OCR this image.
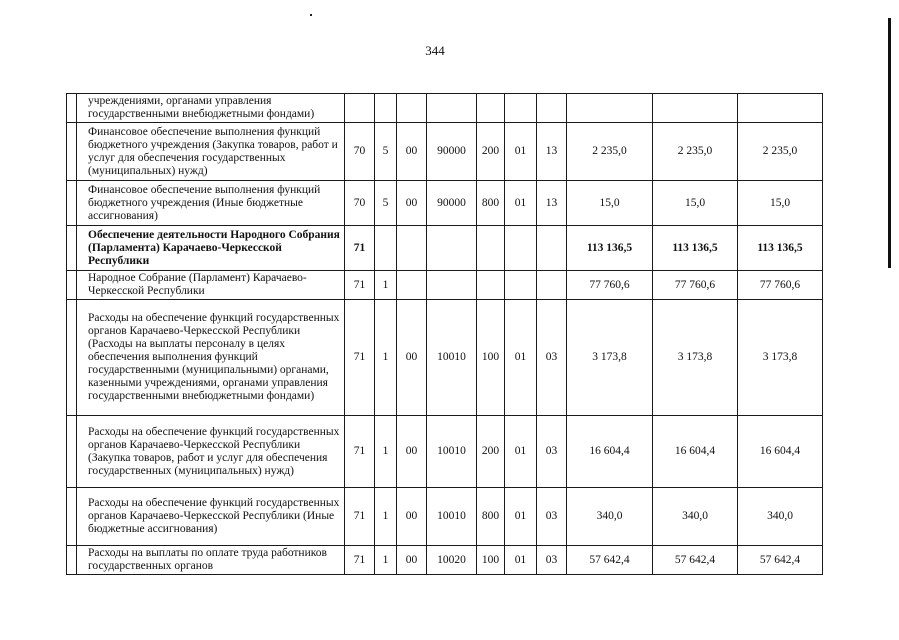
344
	учреждениями, органами управления государственными внебюджетными фондами)										
	Финансовое обеспечение выполнения функций бюджетного учреждения (Закупка товаров, работ и услуг для обеспечения государственных (муниципальных) нужд)	70	5	00	90000	200	01	13	2 235,0	2 235,0	2 235,0
	Финансовое обеспечение выполнения функций бюджетного учреждения (Иные бюджетные ассигнования)	70	5	00	90000	800	01	13	15,0	15,0	15,0
	Обеспечение деятельности Народного Собрания (Парламента) Карачаево-Черкесской Республики	71							113 136,5	113 136,5	113 136,5
	Народное Собрание (Парламент) Карачаево-Черкесской Республики	71	1						77 760,6	77 760,6	77 760,6
	Расходы на обеспечение функций государственных органов Карачаево-Черкесской Республики (Расходы на выплаты персоналу в целях обеспечения выполнения функций государственными (муниципальными) органами, казенными учреждениями, органами управления государственными внебюджетными фондами)	71	1	00	10010	100	01	03	3 173,8	3 173,8	3 173,8
	Расходы на обеспечение функций государственных органов Карачаево-Черкесской Республики (Закупка товаров, работ и услуг для обеспечения государственных (муниципальных) нужд)	71	1	00	10010	200	01	03	16 604,4	16 604,4	16 604,4
	Расходы на обеспечение функций государственных органов Карачаево-Черкесской Республики (Иные бюджетные ассигнования)	71	1	00	10010	800	01	03	340,0	340,0	340,0
	Расходы на выплаты по оплате труда работников государственных органов	71	1	00	10020	100	01	03	57 642,4	57 642,4	57 642,4
